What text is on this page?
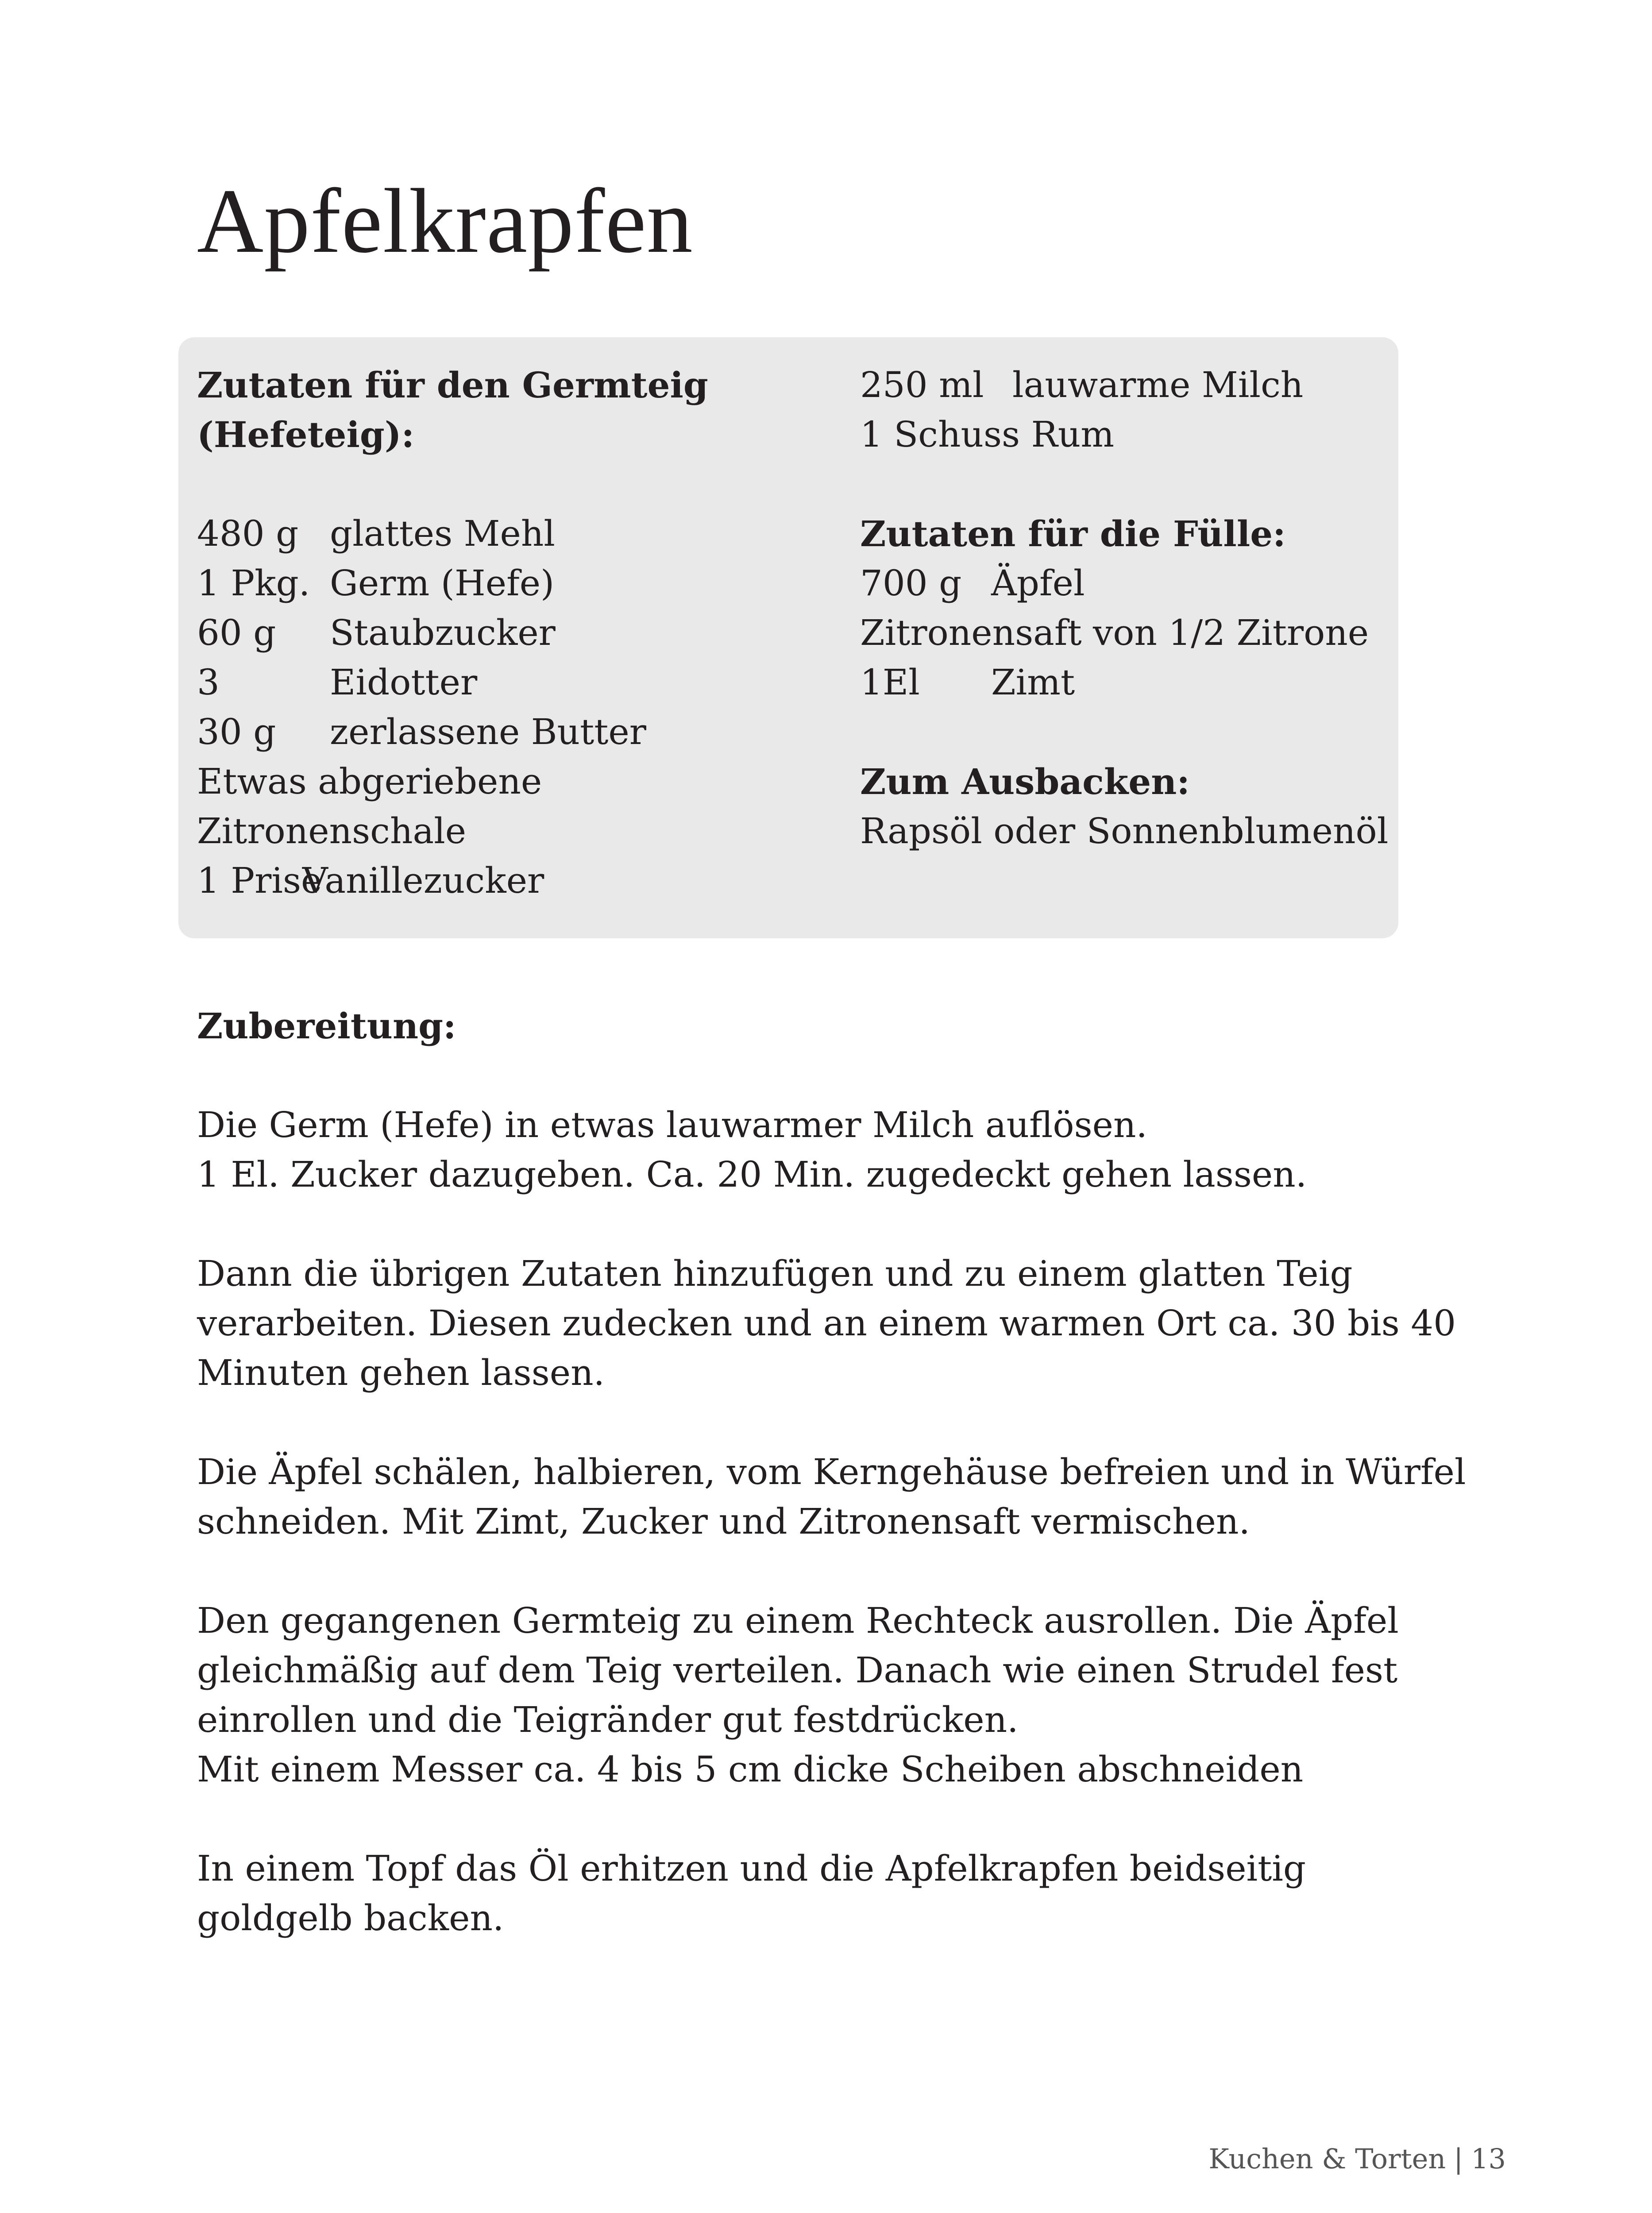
Apfelkrapfen
Zutaten für den Germteig
(Hefeteig):
480 g glattes Mehl
1 Pkg. Germ (Hefe)
60 g Staubzucker
3	Eidotter
30 g zerlassene Butter
Etwas abgeriebene
Zitronenschale
1 PriseVanillezucker
250 ml lauwarme Milch
1 Schuss Rum
Zutaten für die Fülle:
700 g Äpfel
Zitronensaft von 1/2 Zitrone
1El Zimt
Zum Ausbacken:
Rapsöl oder Sonnenblumenöl
Zubereitung:

Die Germ (Hefe) in etwas lauwarmer Milch auflösen.
1 El. Zucker dazugeben. Ca. 20 Min. zugedeckt gehen lassen.

Dann die übrigen Zutaten hinzufügen und zu einem glatten Teig
verarbeiten. Diesen zudecken und an einem warmen Ort ca. 30 bis 40
Minuten gehen lassen.

Die Äpfel schälen, halbieren, vom Kerngehäuse befreien und in Würfel
schneiden. Mit Zimt, Zucker und Zitronensaft vermischen.

Den gegangenen Germteig zu einem Rechteck ausrollen. Die Äpfel
gleichmäßig auf dem Teig verteilen. Danach wie einen Strudel fest
einrollen und die Teigränder gut festdrücken.
Mit einem Messer ca. 4 bis 5 cm dicke Scheiben abschneiden

In einem Topf das Öl erhitzen und die Apfelkrapfen beidseitig
goldgelb backen.

Kuchen & Torten | 13
